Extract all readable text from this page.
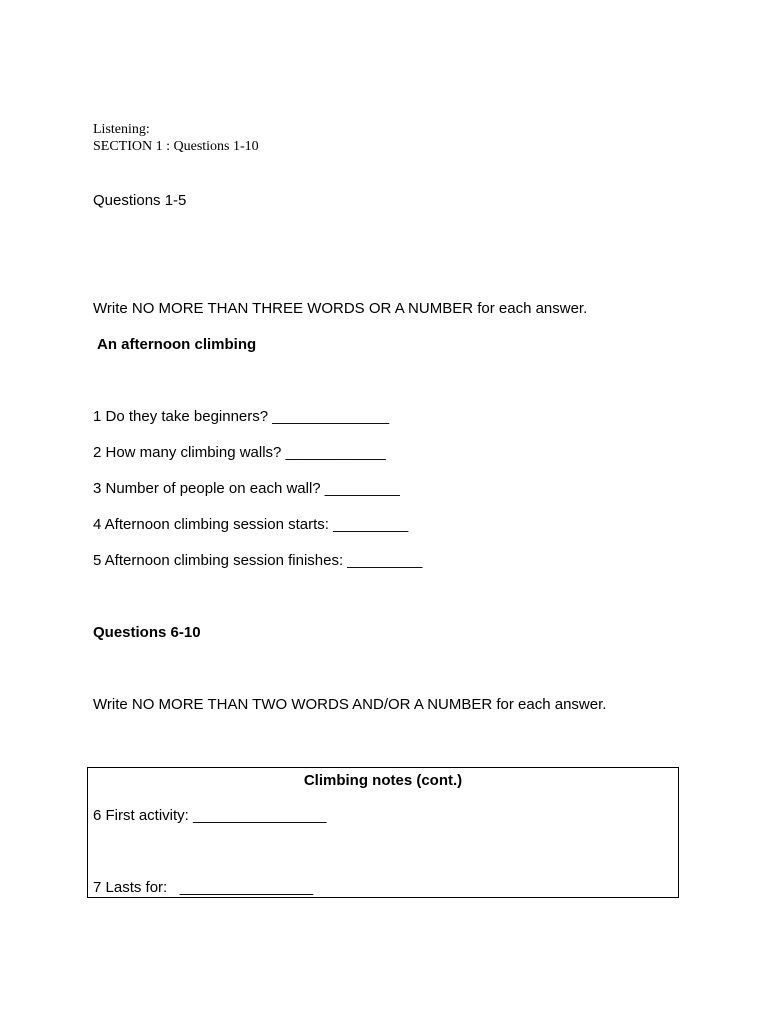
Listening:
SECTION 1 : Questions 1-10
Questions 1-5
Write NO MORE THAN THREE WORDS OR A NUMBER for each answer.
An afternoon climbing
1 Do they take beginners? ______________
2 How many climbing walls? ____________
3 Number of people on each wall? _________
4 Afternoon climbing session starts: _________
5 Afternoon climbing session finishes: _________
Questions 6-10
Write NO MORE THAN TWO WORDS AND/OR A NUMBER for each answer.
Climbing notes (cont.)
6 First activity: ________________
7 Lasts for:   ________________
